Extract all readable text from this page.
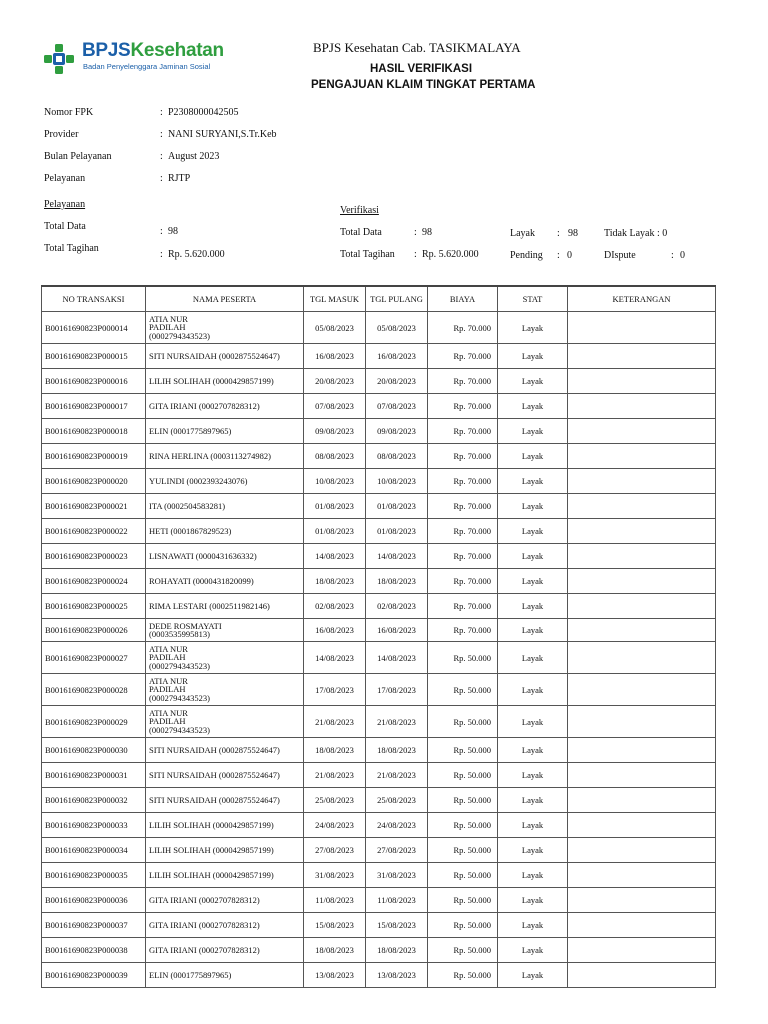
BPJSKesehatan
Badan Penyelenggara Jaminan Sosial
BPJS Kesehatan Cab. TASIKMALAYA
HASIL VERIFIKASI
PENGAJUAN KLAIM TINGKAT PERTAMA
Nomor FPK	: P2308000042505
Provider	: NANI SURYANI,S.Tr.Keb
Bulan Pelayanan	: August 2023
Pelayanan	: RJTP
Pelayanan
Total Data	: 98
Total Tagihan
: Rp. 5.620.000
Verifikasi
Total Data	: 98
Total Tagihan : Rp. 5.620.000
Layak : 98	Tidak Layak : 0
Pending : 0	DIspute	: 0
NO TRANSAKSI	NAMA PESERTA	TGL MASUK	TGL PULANG	BIAYA	STAT	KETERANGAN
B00161690823P000014	ATIA NUR
PADILAH
(0002794343523)	05/08/2023	05/08/2023	Rp. 70.000	Layak	
B00161690823P000015	SITI NURSAIDAH (0002875524647)	16/08/2023	16/08/2023	Rp. 70.000	Layak	
B00161690823P000016	LILIH SOLIHAH (0000429857199)	20/08/2023	20/08/2023	Rp. 70.000	Layak	
B00161690823P000017	GITA IRIANI (0002707828312)	07/08/2023	07/08/2023	Rp. 70.000	Layak	
B00161690823P000018	ELIN (0001775897965)	09/08/2023	09/08/2023	Rp. 70.000	Layak	
B00161690823P000019	RINA HERLINA (0003113274982)	08/08/2023	08/08/2023	Rp. 70.000	Layak	
B00161690823P000020	YULINDI (0002393243076)	10/08/2023	10/08/2023	Rp. 70.000	Layak	
B00161690823P000021	ITA (0002504583281)	01/08/2023	01/08/2023	Rp. 70.000	Layak	
B00161690823P000022	HETI (0001867829523)	01/08/2023	01/08/2023	Rp. 70.000	Layak	
B00161690823P000023	LISNAWATI (0000431636332)	14/08/2023	14/08/2023	Rp. 70.000	Layak	
B00161690823P000024	ROHAYATI (0000431820099)	18/08/2023	18/08/2023	Rp. 70.000	Layak	
B00161690823P000025	RIMA LESTARI (0002511982146)	02/08/2023	02/08/2023	Rp. 70.000	Layak	
B00161690823P000026	DEDE ROSMAYATI
(0003535995813)	16/08/2023	16/08/2023	Rp. 70.000	Layak	
B00161690823P000027	ATIA NUR
PADILAH
(0002794343523)	14/08/2023	14/08/2023	Rp. 50.000	Layak	
B00161690823P000028	ATIA NUR
PADILAH
(0002794343523)	17/08/2023	17/08/2023	Rp. 50.000	Layak	
B00161690823P000029	ATIA NUR
PADILAH
(0002794343523)	21/08/2023	21/08/2023	Rp. 50.000	Layak	
B00161690823P000030	SITI NURSAIDAH (0002875524647)	18/08/2023	18/08/2023	Rp. 50.000	Layak	
B00161690823P000031	SITI NURSAIDAH (0002875524647)	21/08/2023	21/08/2023	Rp. 50.000	Layak	
B00161690823P000032	SITI NURSAIDAH (0002875524647)	25/08/2023	25/08/2023	Rp. 50.000	Layak	
B00161690823P000033	LILIH SOLIHAH (0000429857199)	24/08/2023	24/08/2023	Rp. 50.000	Layak	
B00161690823P000034	LILIH SOLIHAH (0000429857199)	27/08/2023	27/08/2023	Rp. 50.000	Layak	
B00161690823P000035	LILIH SOLIHAH (0000429857199)	31/08/2023	31/08/2023	Rp. 50.000	Layak	
B00161690823P000036	GITA IRIANI (0002707828312)	11/08/2023	11/08/2023	Rp. 50.000	Layak	
B00161690823P000037	GITA IRIANI (0002707828312)	15/08/2023	15/08/2023	Rp. 50.000	Layak	
B00161690823P000038	GITA IRIANI (0002707828312)	18/08/2023	18/08/2023	Rp. 50.000	Layak	
B00161690823P000039	ELIN (0001775897965)	13/08/2023	13/08/2023	Rp. 50.000	Layak	
